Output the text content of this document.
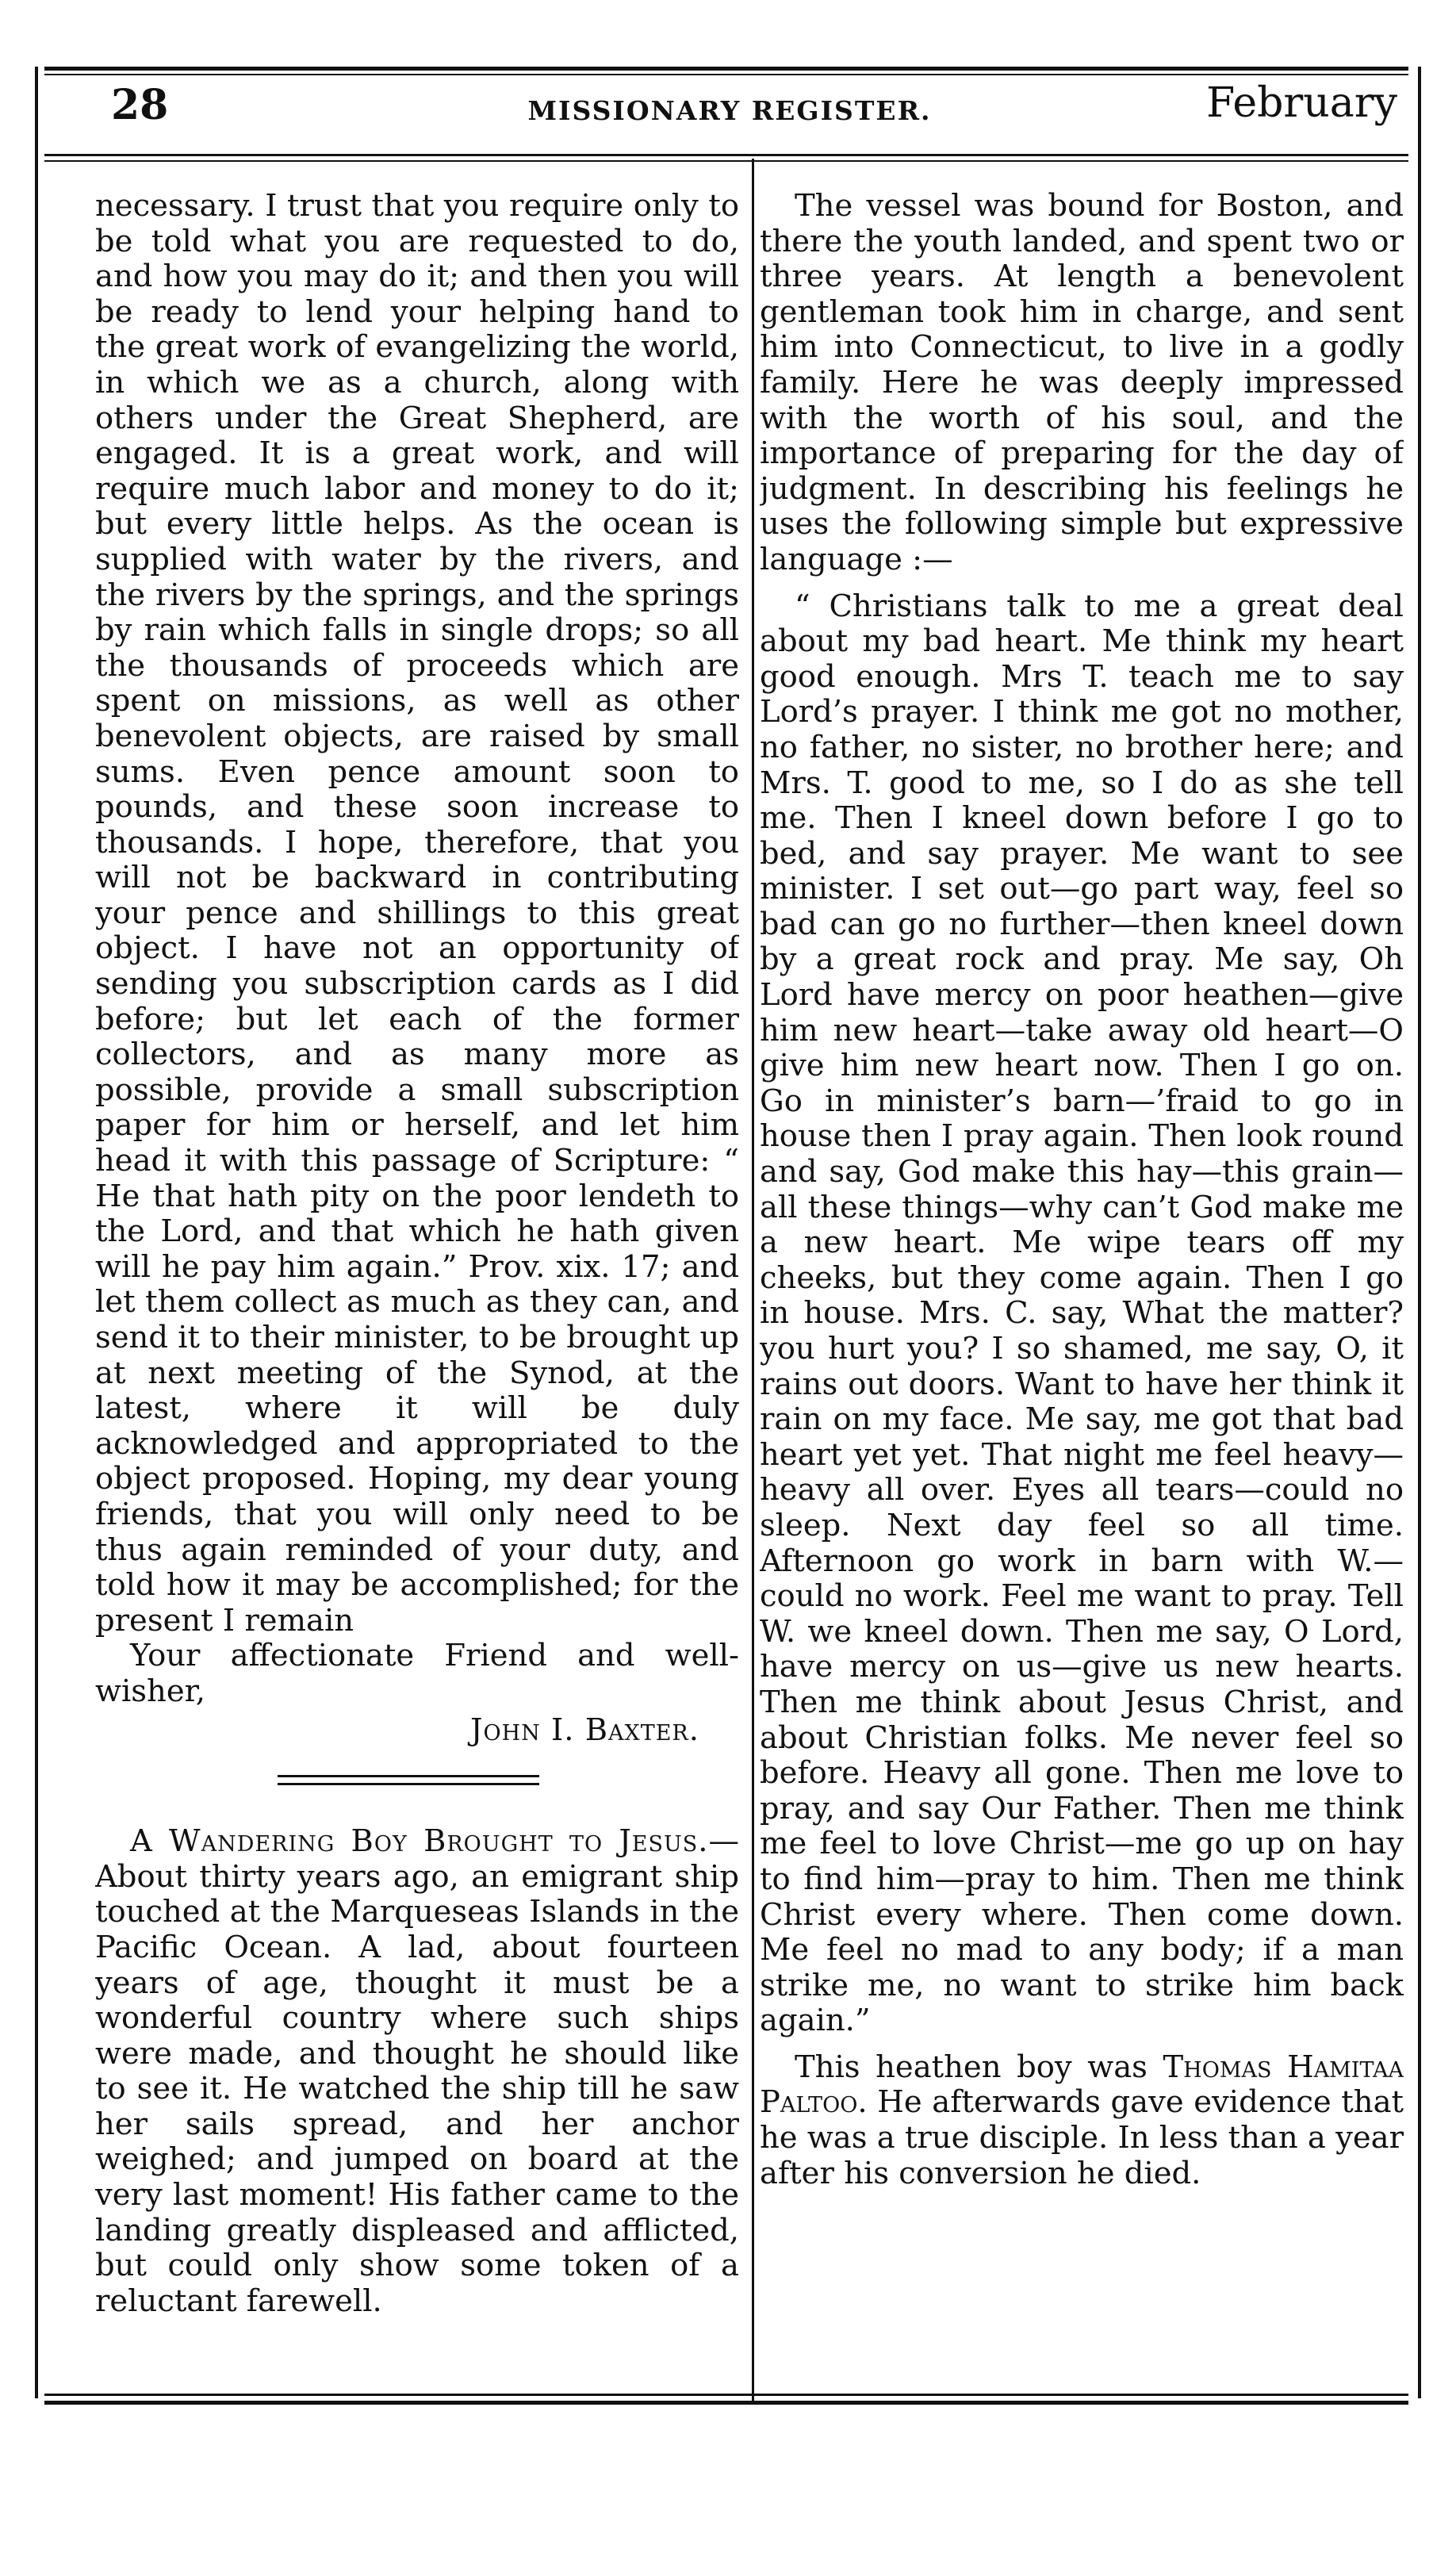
28	MISSIONARY REGISTER.	February

necessary. I trust that you require only to be told what you are requested to do, and how you may do it; and then you will be ready to lend your helping hand to the great work of evangelizing the world, in which we as a church, along with others under the Great Shepherd, are engaged. It is a great work, and will require much labor and money to do it; but every little helps. As the ocean is supplied with water by the rivers, and the rivers by the springs, and the springs by rain which falls in single drops; so all the thousands of proceeds which are spent on missions, as well as other benevolent objects, are raised by small sums. Even pence amount soon to pounds, and these soon increase to thousands. I hope, therefore, that you will not be backward in contributing your pence and shillings to this great object. I have not an opportunity of sending you subscription cards as I did before; but let each of the former collectors, and as many more as possible, provide a small subscription paper for him or herself, and let him head it with this passage of Scripture: “ He that hath pity on the poor lendeth to the Lord, and that which he hath given will he pay him again.” Prov. xix. 17; and let them collect as much as they can, and send it to their minister, to be brought up at next meeting of the Synod, at the latest, where it will be duly acknowledged and appropriated to the object proposed. Hoping, my dear young friends, that you will only need to be thus again reminded of your duty, and told how it may be accomplished; for the present I remain

Your affectionate Friend and well-wisher,

John I. Baxter.

A Wandering Boy Brought to Jesus.—About thirty years ago, an emigrant ship touched at the Marqueseas Islands in the Pacific Ocean. A lad, about fourteen years of age, thought it must be a wonderful country where such ships were made, and thought he should like to see it. He watched the ship till he saw her sails spread, and her anchor weighed; and jumped on board at the very last moment! His father came to the landing greatly displeased and afflicted, but could only show some token of a reluctant farewell.

The vessel was bound for Boston, and there the youth landed, and spent two or three years. At length a benevolent gentleman took him in charge, and sent him into Connecticut, to live in a godly family. Here he was deeply impressed with the worth of his soul, and the importance of preparing for the day of judgment. In describing his feelings he uses the following simple but expressive language :—

“ Christians talk to me a great deal about my bad heart. Me think my heart good enough. Mrs T. teach me to say Lord’s prayer. I think me got no mother, no father, no sister, no brother here; and Mrs. T. good to me, so I do as she tell me. Then I kneel down before I go to bed, and say prayer. Me want to see minister. I set out—go part way, feel so bad can go no further—then kneel down by a great rock and pray. Me say, Oh Lord have mercy on poor heathen—give him new heart—take away old heart—O give him new heart now. Then I go on. Go in minister’s barn—’fraid to go in house then I pray again. Then look round and say, God make this hay—this grain—all these things—why can’t God make me a new heart. Me wipe tears off my cheeks, but they come again. Then I go in house. Mrs. C. say, What the matter? you hurt you? I so shamed, me say, O, it rains out doors. Want to have her think it rain on my face. Me say, me got that bad heart yet yet. That night me feel heavy—heavy all over. Eyes all tears—could no sleep. Next day feel so all time. Afternoon go work in barn with W.—could no work. Feel me want to pray. Tell W. we kneel down. Then me say, O Lord, have mercy on us—give us new hearts. Then me think about Jesus Christ, and about Christian folks. Me never feel so before. Heavy all gone. Then me love to pray, and say Our Father. Then me think me feel to love Christ—me go up on hay to find him—pray to him. Then me think Christ every where. Then come down. Me feel no mad to any body; if a man strike me, no want to strike him back again.”

This heathen boy was Thomas Hamitaa Paltoo. He afterwards gave evidence that he was a true disciple. In less than a year after his conversion he died.
